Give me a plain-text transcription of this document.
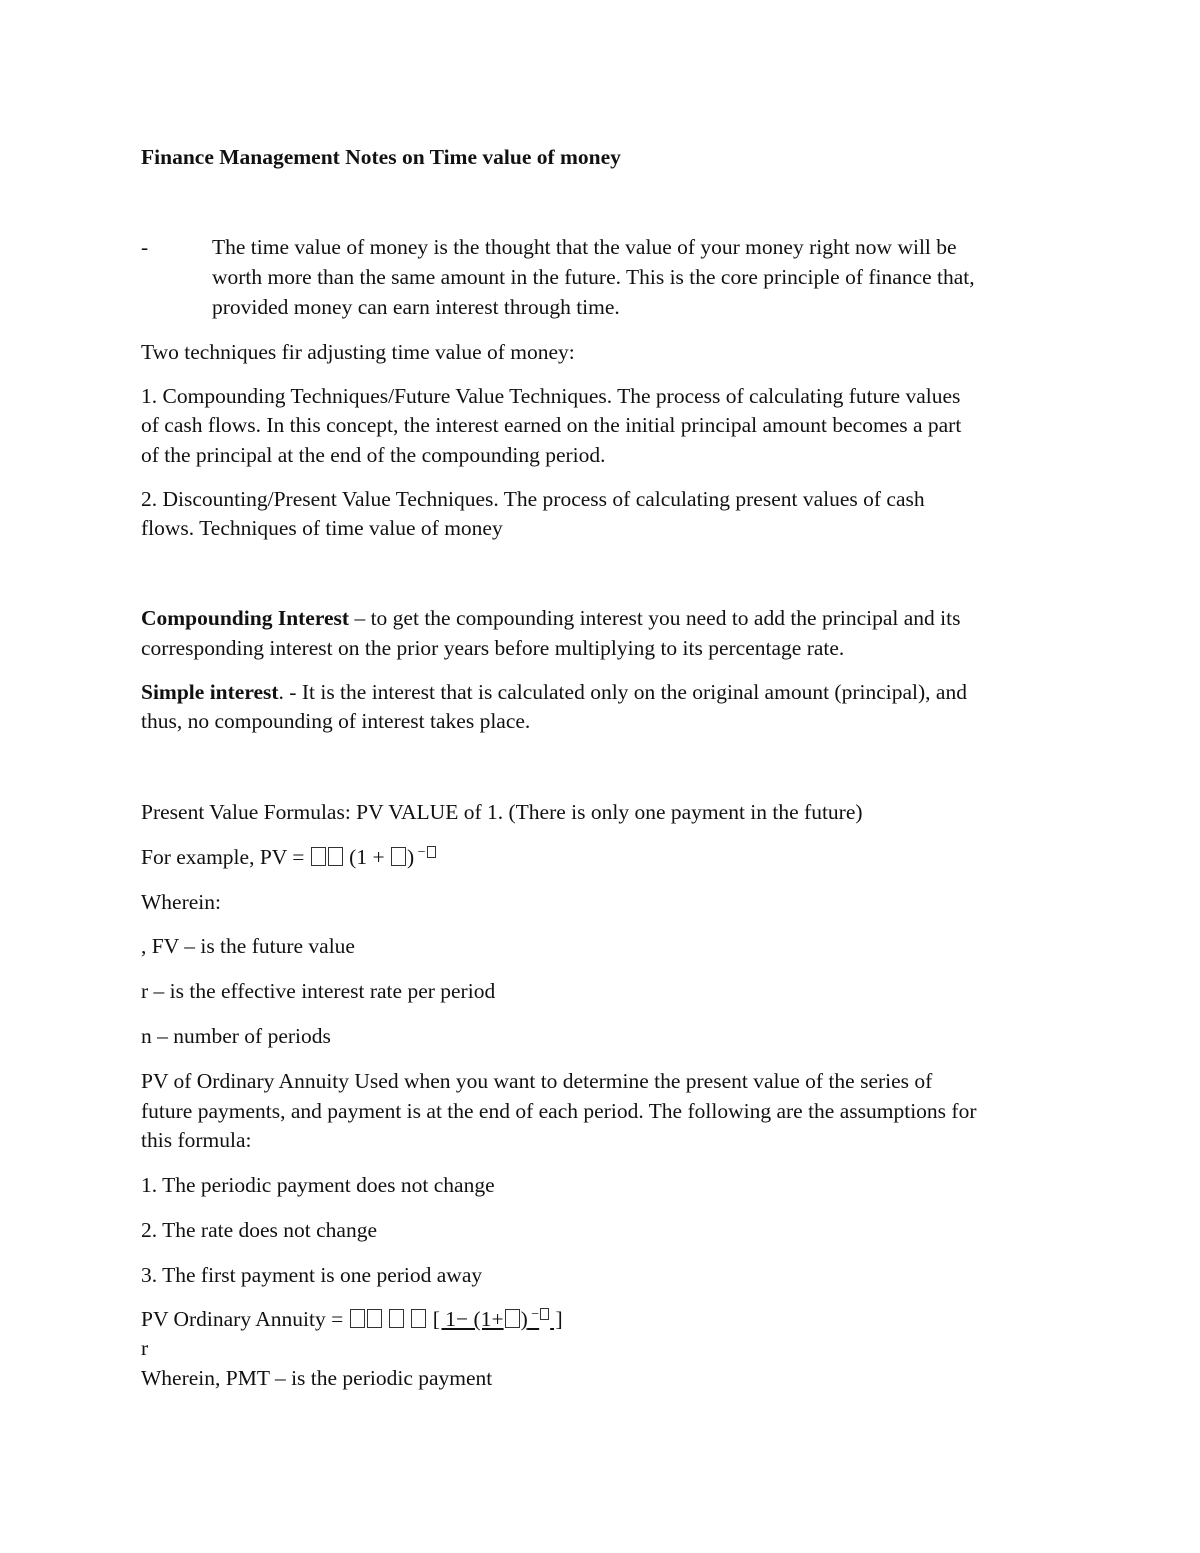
Finance Management Notes on Time value of money

-	The time value of money is the thought that the value of your money right now will be
worth more than the same amount in the future. This is the core principle of finance that,
provided money can earn interest through time.

Two techniques fir adjusting time value of money:

1. Compounding Techniques/Future Value Techniques. The process of calculating future values

of cash flows. In this concept, the interest earned on the initial principal amount becomes a part

of the principal at the end of the compounding period.

2. Discounting/Present Value Techniques. The process of calculating present values of cash

flows. Techniques of time value of money

Compounding Interest – to get the compounding interest you need to add the principal and its

corresponding interest on the prior years before multiplying to its percentage rate.

Simple interest. - It is the interest that is calculated only on the original amount (principal), and

thus, no compounding of interest takes place.

Present Value Formulas: PV VALUE of 1. (There is only one payment in the future)

For example, PV =  (1 + ) −

Wherein:

, FV – is the future value

r – is the effective interest rate per period

n – number of periods

PV of Ordinary Annuity Used when you want to determine the present value of the series of

future payments, and payment is at the end of each period. The following are the assumptions for

this formula:

1. The periodic payment does not change

2. The rate does not change

3. The first payment is one period away

PV Ordinary Annuity =	[ 1− (1+ ) − ]

r

Wherein, PMT – is the periodic payment
